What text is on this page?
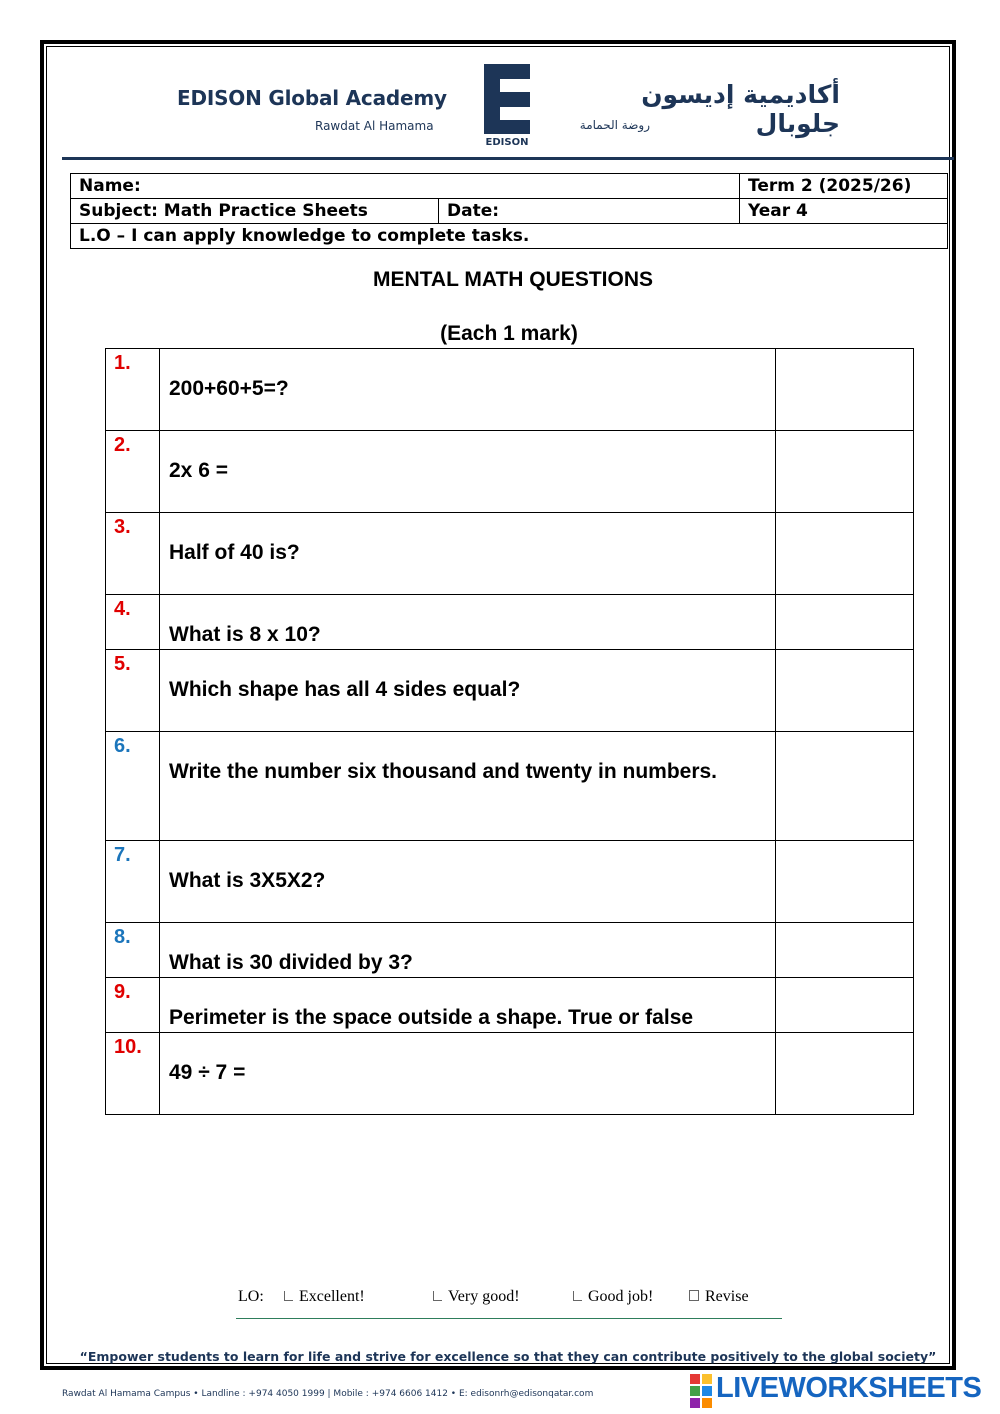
EDISON Global Academy
Rawdat Al Hamama
EDISON
أكاديمية إديسون جلوبال
روضة الحمامة
Name:		Term 2 (2025/26)
Subject: Math Practice Sheets	Date:	Year 4
L.O – I can apply knowledge to complete tasks.		
MENTAL MATH QUESTIONS
(Each 1 mark)
1.	200+60+5=?	

2.	2x 6 =	

3.	Half of 40 is?	

4.	What is 8 x 10?	

5.	Which shape has all 4 sides equal?	

6.	Write the number six thousand and twenty in numbers.	

7.	What is 3X5X2?	

8.	What is 30 divided by 3?	

9.	Perimeter is the space outside a shape. True or false	

10.	49 ÷ 7 =	

LO:	Excellent!	Very good!	Good job!	Revise
“Empower students to learn for life and strive for excellence so that they can contribute positively to the global society”
Rawdat Al Hamama Campus • Landline : +974 4050 1999 | Mobile : +974 6606 1412 • E: edisonrh@edisonqatar.com	LIVEWORKSHEETS
